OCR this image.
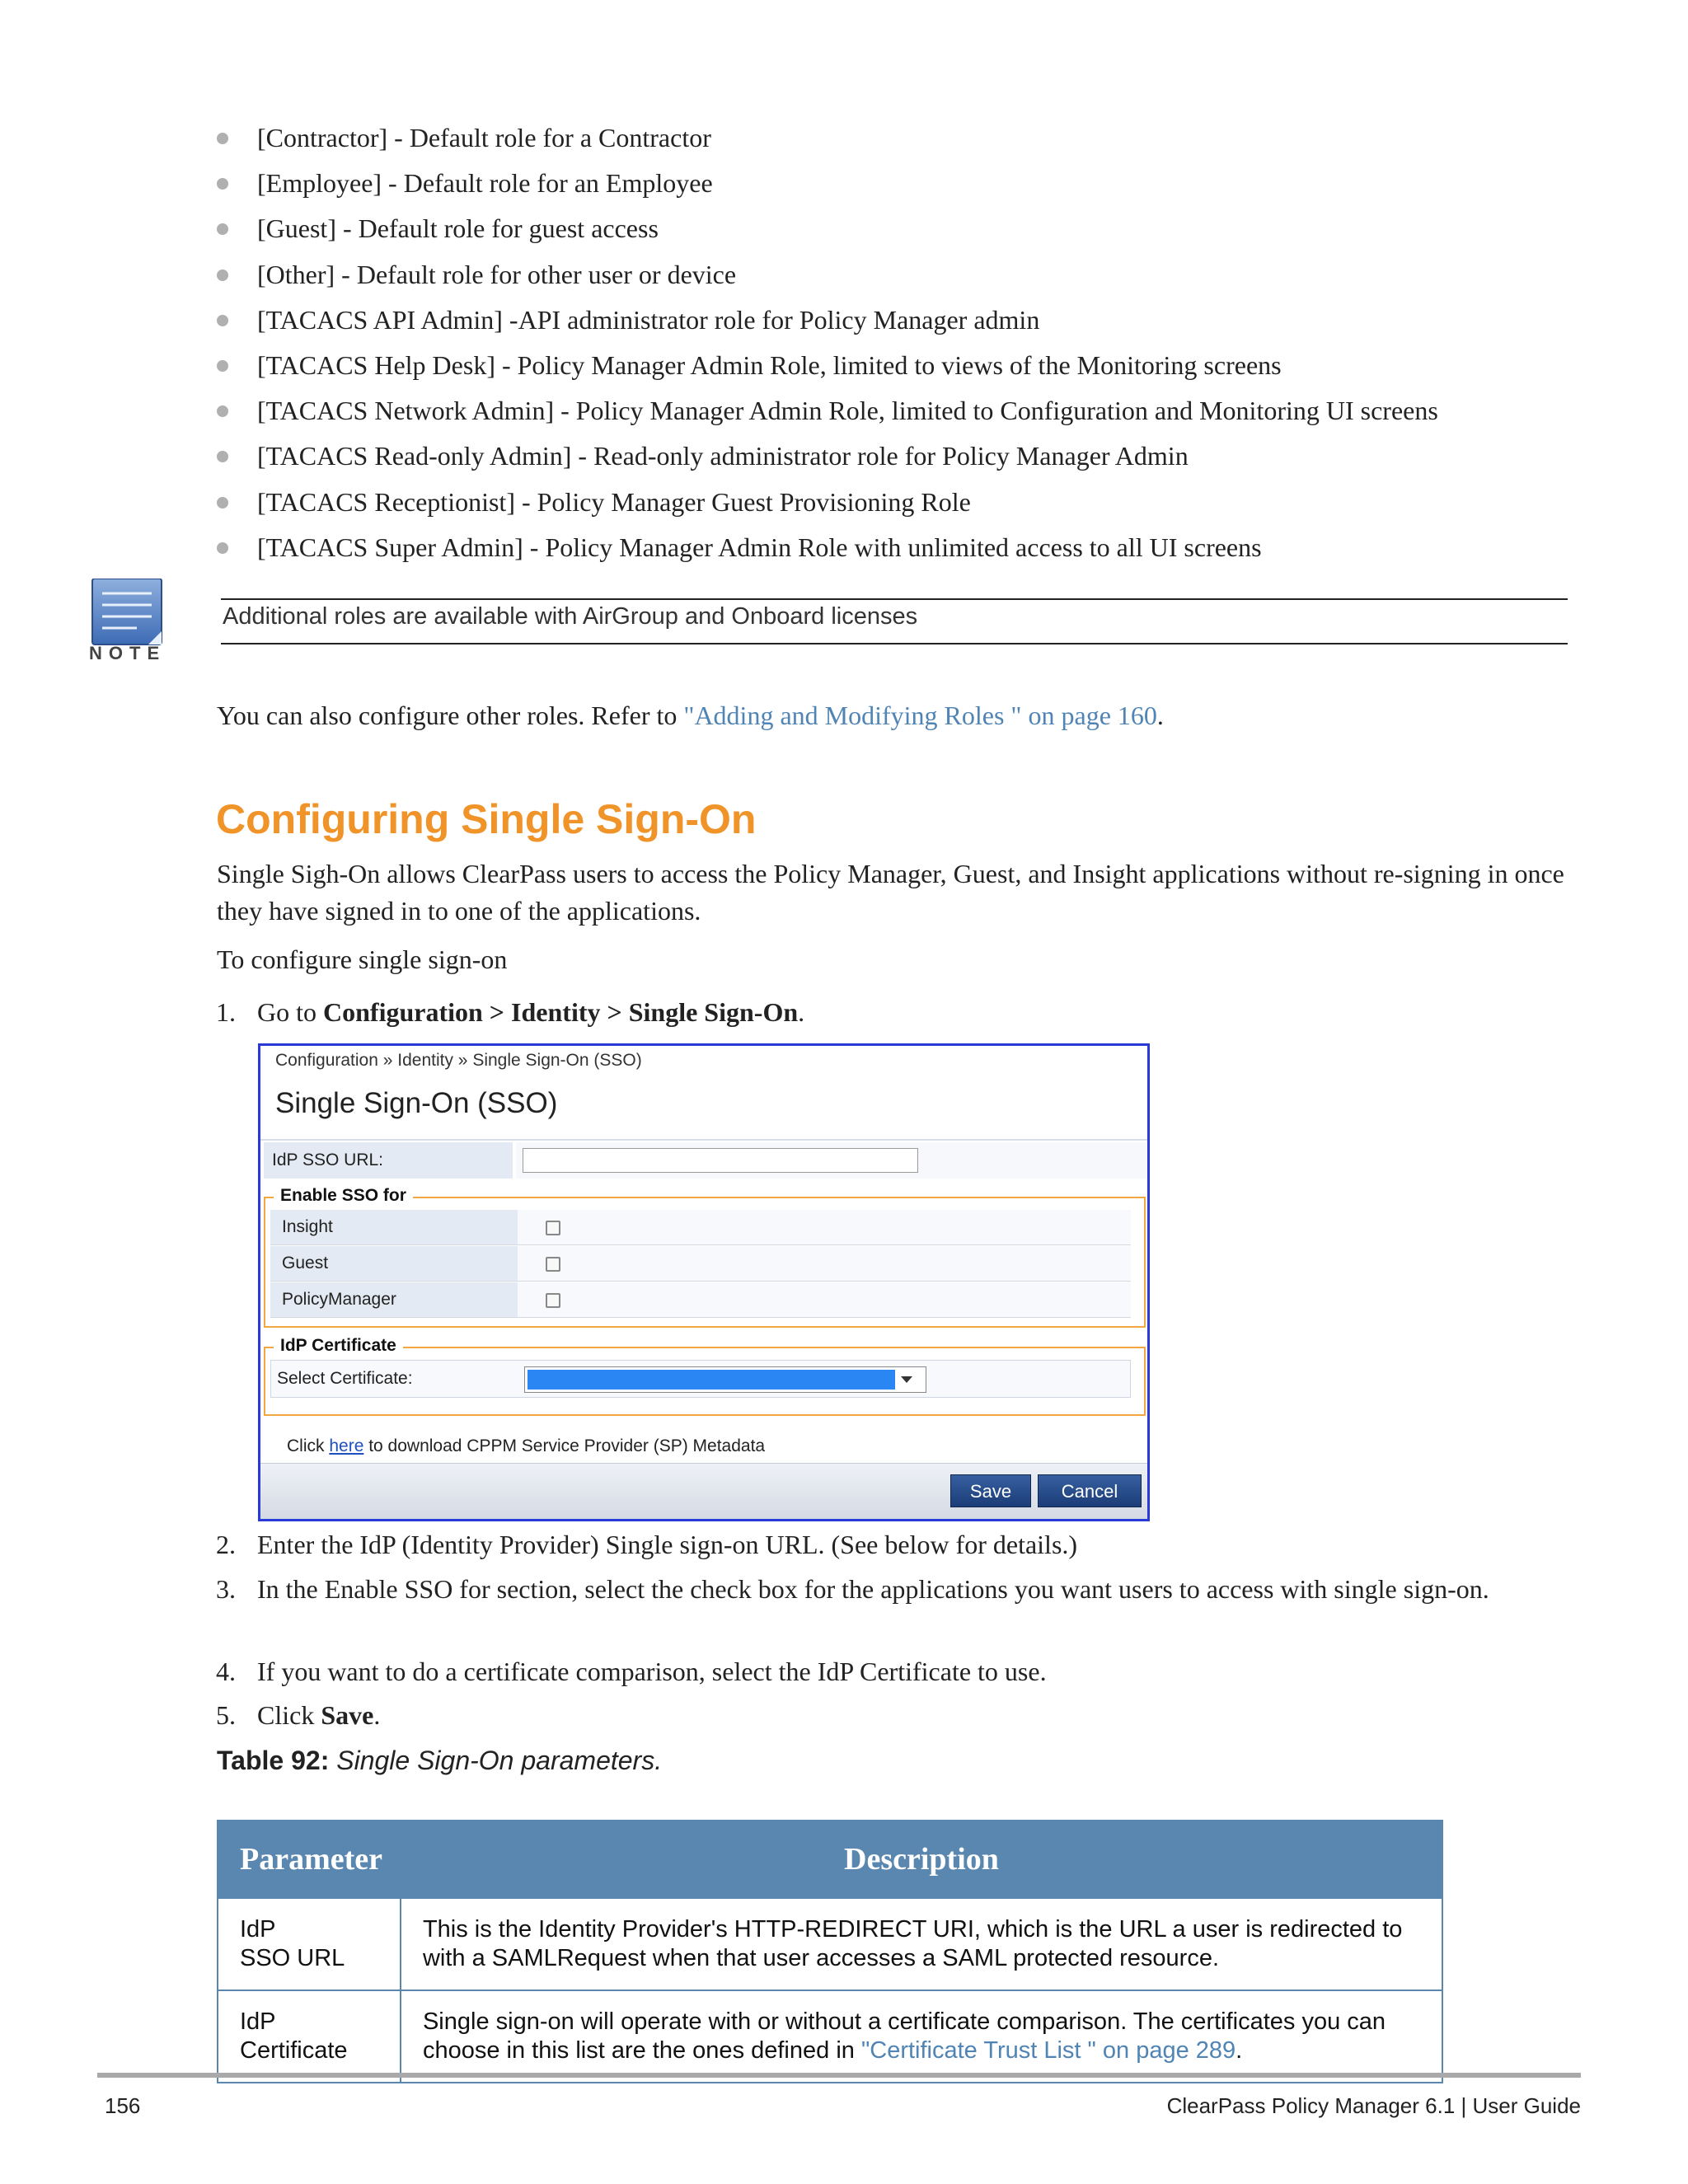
[Contractor] - Default role for a Contractor
[Employee] - Default role for an Employee
[Guest] - Default role for guest access
[Other] - Default role for other user or device
[TACACS API Admin] -API administrator role for Policy Manager admin
[TACACS Help Desk] - Policy Manager Admin Role, limited to views of the Monitoring screens
[TACACS Network Admin] - Policy Manager Admin Role, limited to Configuration and Monitoring UI screens
[TACACS Read-only Admin] - Read-only administrator role for Policy Manager Admin
[TACACS Receptionist] - Policy Manager Guest Provisioning Role
[TACACS Super Admin] - Policy Manager Admin Role with unlimited access to all UI screens
NOTE
Additional roles are available with AirGroup and Onboard licenses
You can also configure other roles. Refer to "Adding and Modifying Roles " on page 160.
Configuring Single Sign-On
Single Sigh-On allows ClearPass users to access the Policy Manager, Guest, and Insight applications without re-signing in once they have signed in to one of the applications.
To configure single sign-on
1. Go to Configuration > Identity > Single Sign-On.
Configuration » Identity » Single Sign-On (SSO)
Single Sign-On (SSO)
IdP SSO URL:
Enable SSO for
Insight
Guest
PolicyManager
IdP Certificate
Select Certificate:
Click here to download CPPM Service Provider (SP) Metadata
Save	Cancel
2. Enter the IdP (Identity Provider) Single sign-on URL. (See below for details.)
3. In the Enable SSO for section, select the check box for the applications you want users to access with single sign-on.
4. If you want to do a certificate comparison, select the IdP Certificate to use.
5. Click Save.
Table 92: Single Sign-On parameters.
Parameter	Description
IdP
SSO URL	This is the Identity Provider's HTTP-REDIRECT URI, which is the URL a user is redirected to with a SAMLRequest when that user accesses a SAML protected resource.
IdP
Certificate	Single sign-on will operate with or without a certificate comparison. The certificates you can choose in this list are the ones defined in "Certificate Trust List " on page 289.
156	ClearPass Policy Manager 6.1 | User Guide
